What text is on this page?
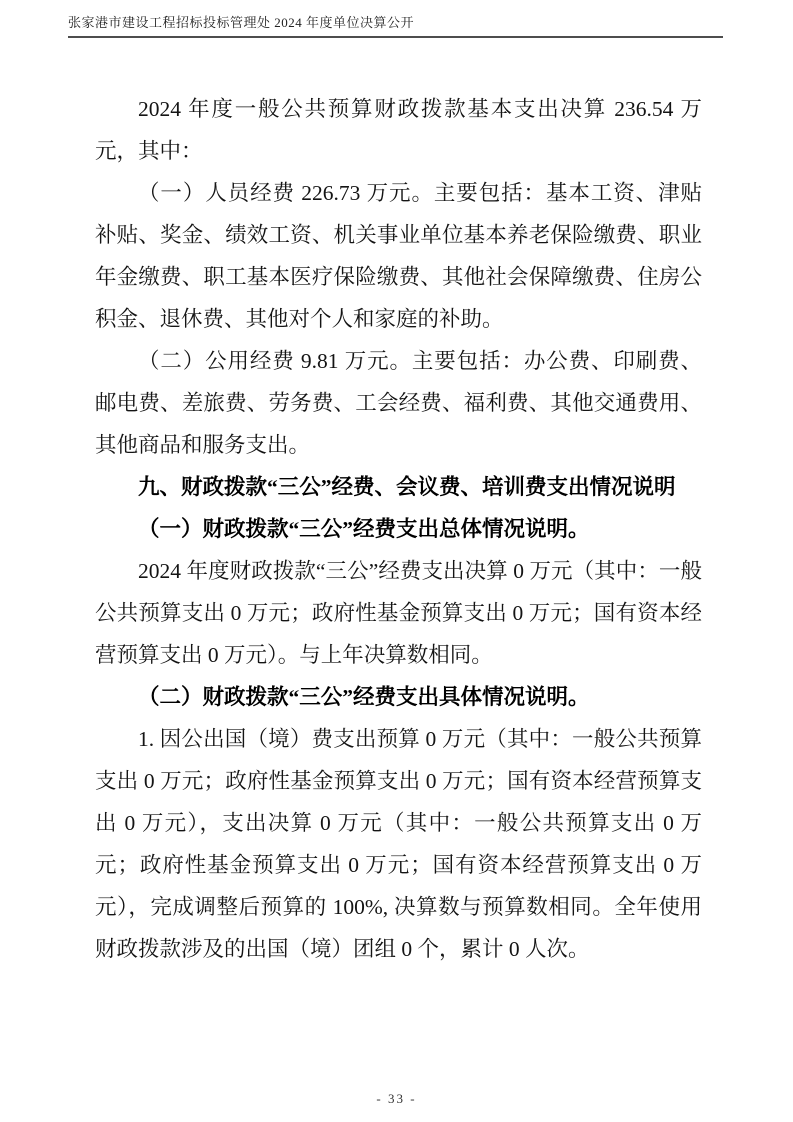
张家港市建设工程招标投标管理处 2024 年度单位决算公开

2024 年度一般公共预算财政拨款基本支出决算 236.54 万元，其中：

（一）人员经费 226.73 万元。主要包括：基本工资、津贴补贴、奖金、绩效工资、机关事业单位基本养老保险缴费、职业年金缴费、职工基本医疗保险缴费、其他社会保障缴费、住房公积金、退休费、其他对个人和家庭的补助。

（二）公用经费 9.81 万元。主要包括：办公费、印刷费、邮电费、差旅费、劳务费、工会经费、福利费、其他交通费用、其他商品和服务支出。

九、财政拨款“三公”经费、会议费、培训费支出情况说明

（一）财政拨款“三公”经费支出总体情况说明。

2024 年度财政拨款“三公”经费支出决算 0 万元（其中：一般公共预算支出 0 万元；政府性基金预算支出 0 万元；国有资本经营预算支出 0 万元）。与上年决算数相同。

（二）财政拨款“三公”经费支出具体情况说明。

1. 因公出国（境）费支出预算 0 万元（其中：一般公共预算支出 0 万元；政府性基金预算支出 0 万元；国有资本经营预算支出 0 万元），支出决算 0 万元（其中：一般公共预算支出 0 万元；政府性基金预算支出 0 万元；国有资本经营预算支出 0 万元），完成调整后预算的 100%, 决算数与预算数相同。全年使用财政拨款涉及的出国（境）团组 0 个，累计 0 人次。

- 33 -
